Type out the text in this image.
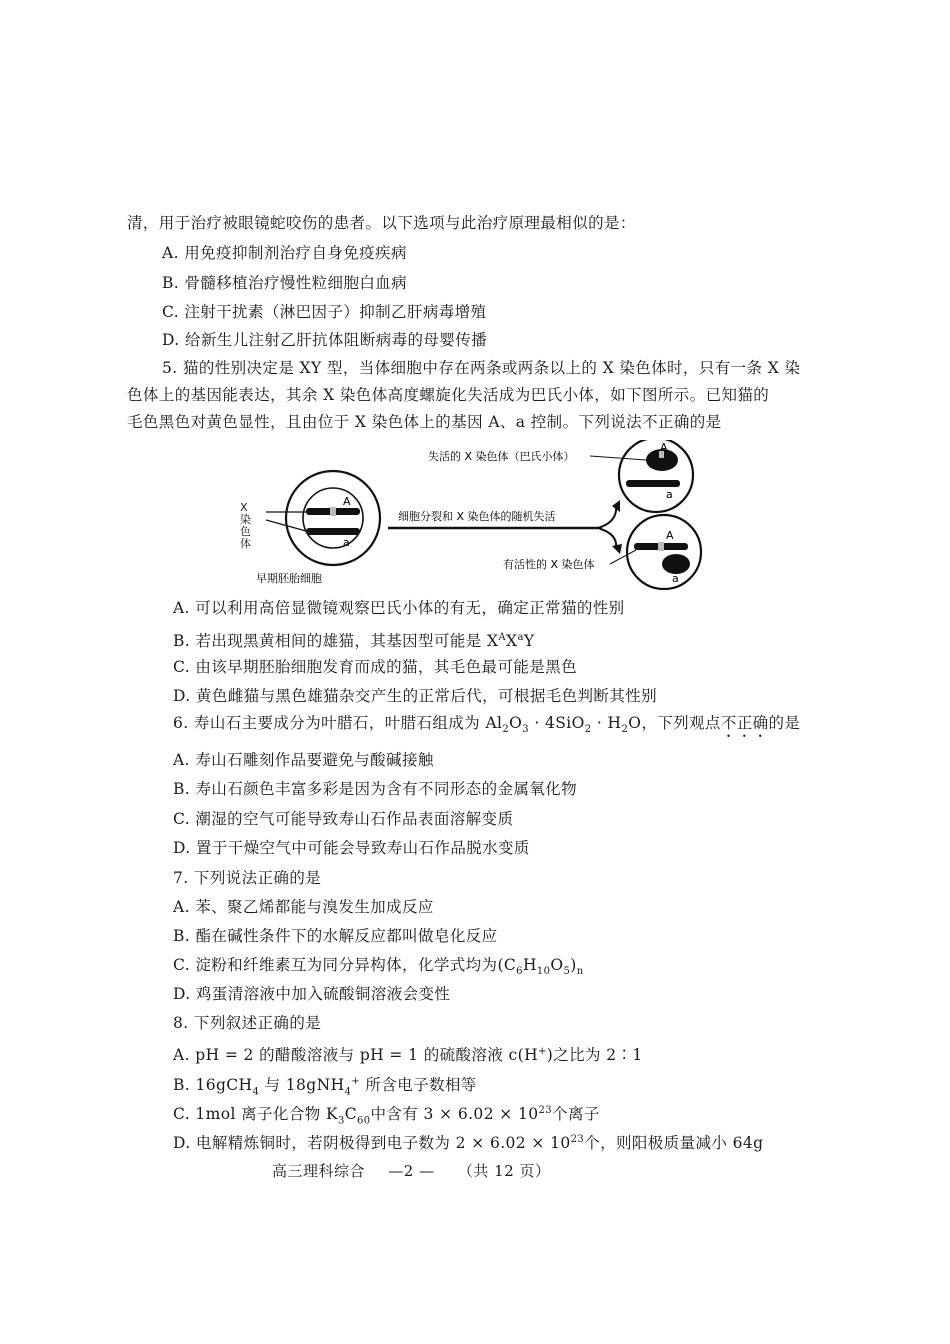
清，用于治疗被眼镜蛇咬伤的患者。以下选项与此治疗原理最相似的是：
A. 用免疫抑制剂治疗自身免疫疾病
B. 骨髓移植治疗慢性粒细胞白血病
C. 注射干扰素（淋巴因子）抑制乙肝病毒增殖
D. 给新生儿注射乙肝抗体阻断病毒的母婴传播
5. 猫的性别决定是 XY 型，当体细胞中存在两条或两条以上的 X 染色体时，只有一条 X 染
色体上的基因能表达，其余 X 染色体高度螺旋化失活成为巴氏小体，如下图所示。已知猫的
毛色黑色对黄色显性，且由位于 X 染色体上的基因 A、a 控制。下列说法不正确的是
A
a
早期胚胎细胞
细胞分裂和 X 染色体的随机失活
A
a
失活的 X 染色体（巴氏小体）
A
a
有活性的 X 染色体
X染色体
A. 可以利用高倍显微镜观察巴氏小体的有无，确定正常猫的性别
B. 若出现黑黄相间的雄猫，其基因型可能是 $X^AX^aY$
C. 由该早期胚胎细胞发育而成的猫，其毛色最可能是黑色
D. 黄色雌猫与黑色雄猫杂交产生的正常后代，可根据毛色判断其性别
6. 寿山石主要成分为叶腊石，叶腊石组成为 $Al_2O_3 \cdot 4SiO_2 \cdot H_2O$，下列观点不正确的是
A. 寿山石雕刻作品要避免与酸碱接触
B. 寿山石颜色丰富多彩是因为含有不同形态的金属氧化物
C. 潮湿的空气可能导致寿山石作品表面溶解变质
D. 置于干燥空气中可能会导致寿山石作品脱水变质
7. 下列说法正确的是
A. 苯、聚乙烯都能与溴发生加成反应
B. 酯在碱性条件下的水解反应都叫做皂化反应
C. 淀粉和纤维素互为同分异构体，化学式均为$(C_6H_{10}O_5)_n$
D. 鸡蛋清溶液中加入硫酸铜溶液会变性
8. 下列叙述正确的是
A. pH = 2 的醋酸溶液与 pH = 1 的硫酸溶液 c(H+)之比为 2∶1
B. 16gCH$_4$ 与 18gNH$_4$+ 所含电子数相等
C. 1mol 离子化合物 $K_3C_{60}$中含有 $3 \times 6.02 \times 10^{23}$个离子
D. 电解精炼铜时，若阴极得到电子数为 $2 \times 6.02 \times 10^{23}$个，则阳极质量减小 64g
高三理科综合 —2 — （共 12 页）
